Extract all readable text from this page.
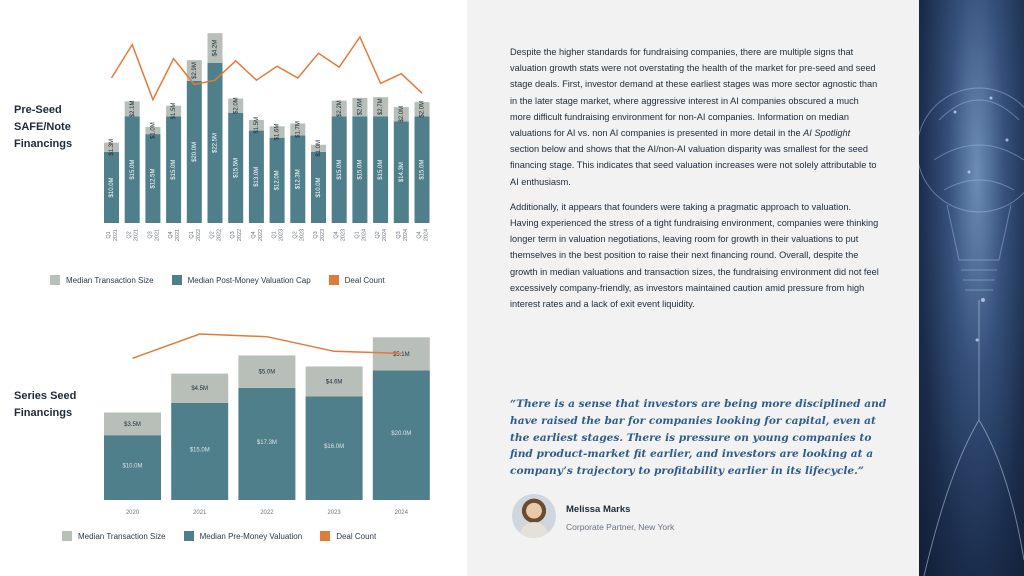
Pre-Seed
SAFE/Note
Financings
$10.0M
$1.3M
Q1 2021
$15.0M
$2.1M
Q2 2021
$12.5M
$1.0M
Q3 2021
$15.0M
$1.5M
Q4 2021
$20.0M
$2.9M
Q1 2022
$22.5M
$4.2M
Q2 2022
$15.5M
$2.0M
Q3 2022
$13.0M
$1.5M
Q4 2022
$12.0M
$1.6M
Q1 2023
$12.3M
$1.7M
Q2 2023
$10.0M
$1.0M
Q3 2023
$15.0M
$2.2M
Q4 2023
$15.0M
$2.6M
Q1 2024
$15.0M
$2.7M
Q2 2024
$14.3M
$2.0M
Q3 2024
$15.0M
$2.0M
Q4 2024
Median Transaction Size	Median Post-Money Valuation Cap	Deal Count
Series Seed
Financings
$10.0M
$3.5M
2020
$15.0M
$4.5M
2021
$17.3M
$5.0M
2022
$16.0M
$4.6M
2023
$20.0M
$5.1M
2024
Median Transaction Size	Median Pre-Money Valuation	Deal Count

Despite the higher standards for fundraising companies, there are multiple signs that valuation growth stats were not overstating the health of the market for pre-seed and seed stage deals. First, investor demand at these earliest stages was more sector agnostic than in the later stage market, where aggressive interest in AI companies obscured a much more difficult fundraising environment for non-AI companies. Information on median valuations for AI vs. non AI companies is presented in more detail in the AI Spotlight section below and shows that the AI/non-AI valuation disparity was smallest for the seed financing stage. This indicates that seed valuation increases were not solely attributable to AI enthusiasm.

Additionally, it appears that founders were taking a pragmatic approach to valuation. Having experienced the stress of a tight fundraising environment, companies were thinking longer term in valuation negotiations, leaving room for growth in their valuations to put themselves in the best position to raise their next financing round. Overall, despite the growth in median valuations and transaction sizes, the fundraising environment did not feel excessively company-friendly, as investors maintained caution amid pressure from high interest rates and a lack of exit event liquidity.

“There is a sense that investors are being more disciplined and have raised the bar for companies looking for capital, even at the earliest stages. There is pressure on young companies to find product-market fit earlier, and investors are looking at a company’s trajectory to profitability earlier in its lifecycle.”
Melissa Marks
Corporate Partner, New York
